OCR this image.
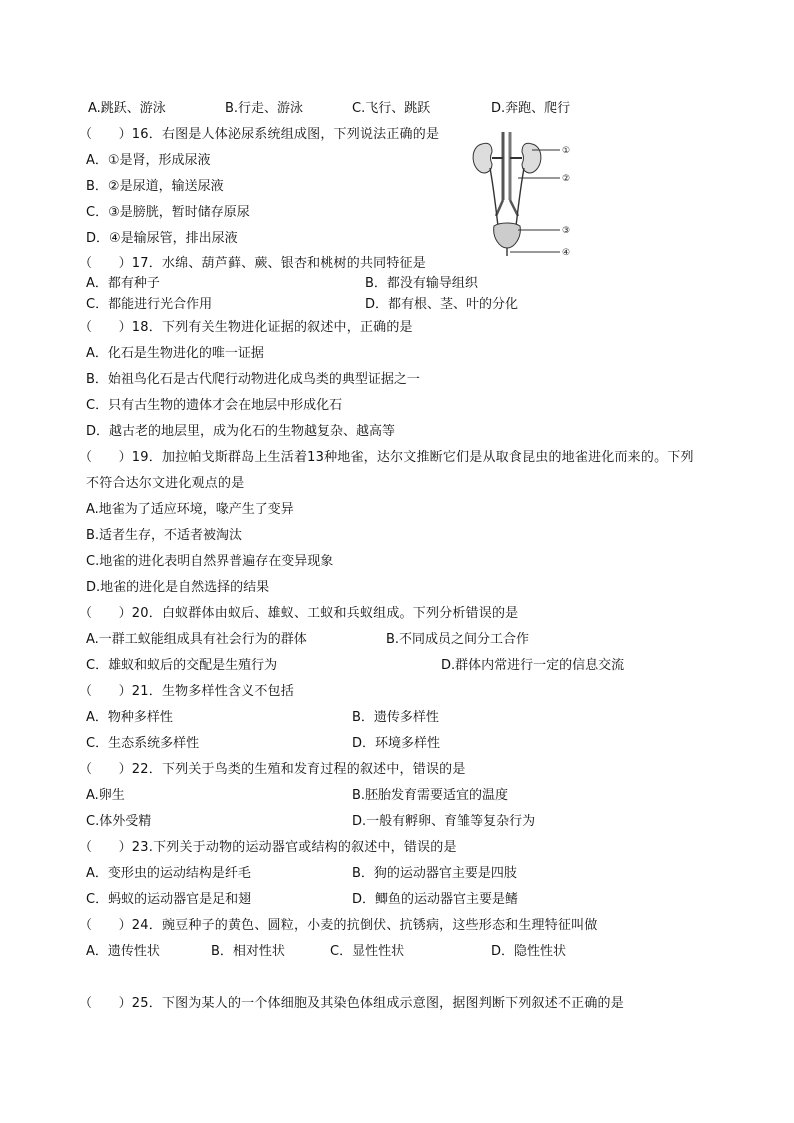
A.跳跃、游泳	B.行走、游泳	C.飞行、跳跃	D.奔跑、爬行
（　　）16．右图是人体泌尿系统组成图，下列说法正确的是
A．①是肾，形成尿液
B．②是尿道，输送尿液
C．③是膀胱，暂时储存原尿
D．④是输尿管，排出尿液
①
②
③
④
（　　）17．水绵、葫芦藓、蕨、银杏和桃树的共同特征是
A．都有种子	B．都没有输导组织
C．都能进行光合作用	D．都有根、茎、叶的分化
（　　）18．下列有关生物进化证据的叙述中，正确的是
A．化石是生物进化的唯一证据
B．始祖鸟化石是古代爬行动物进化成鸟类的典型证据之一
C．只有古生物的遗体才会在地层中形成化石
D．越古老的地层里，成为化石的生物越复杂、越高等
（　　）19．加拉帕戈斯群岛上生活着13种地雀，达尔文推断它们是从取食昆虫的地雀进化而来的。下列
不符合达尔文进化观点的是
A.地雀为了适应环境，喙产生了变异
B.适者生存，不适者被淘汰
C.地雀的进化表明自然界普遍存在变异现象
D.地雀的进化是自然选择的结果
（　　）20．白蚁群体由蚁后、雄蚁、工蚁和兵蚁组成。下列分析错误的是
A.一群工蚁能组成具有社会行为的群体	B.不同成员之间分工合作
C．雄蚁和蚁后的交配是生殖行为	D.群体内常进行一定的信息交流
（　　）21．生物多样性含义不包括
A．物种多样性	B．遗传多样性
C．生态系统多样性	D．环境多样性
（　　）22．下列关于鸟类的生殖和发育过程的叙述中，错误的是
A.卵生	B.胚胎发育需要适宜的温度
C.体外受精	D.一般有孵卵、育雏等复杂行为
（　　）23.下列关于动物的运动器官或结构的叙述中，错误的是
A．变形虫的运动结构是纤毛	B．狗的运动器官主要是四肢
C．蚂蚁的运动器官是足和翅	D．鲫鱼的运动器官主要是鳍
（　　）24．豌豆种子的黄色、圆粒，小麦的抗倒伏、抗锈病，这些形态和生理特征叫做
A．遗传性状	B．相对性状	C．显性性状	D．隐性性状
（　　）25．下图为某人的一个体细胞及其染色体组成示意图，据图判断下列叙述不正确的是
